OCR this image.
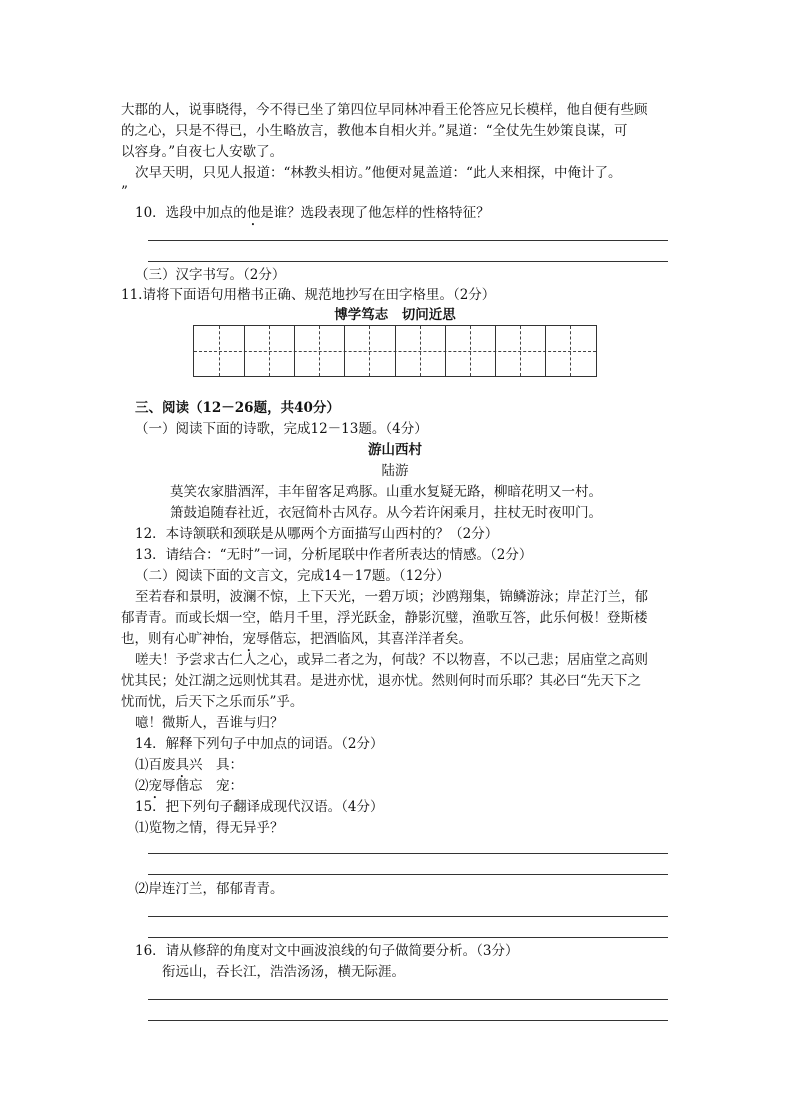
大郡的人，说事晓得，今不得已坐了第四位早同林冲看王伦答应兄长模样，他自便有些顾
的之心，只是不得已，小生略放言，教他本自相火并。”晁道：“全仗先生妙策良谋，可
以容身。”自夜七人安歇了。
次早天明，只见人报道：“林教头相访。”他便对晁盖道：“此人来相探，中俺计了。
”
10．选段中加点的他是谁？选段表现了他怎样的性格特征？
（三）汉字书写。（2分）
11.请将下面语句用楷书正确、规范地抄写在田字格里。（2分）
博学笃志　切问近思
三、阅读（12－26题，共40分）
（一）阅读下面的诗歌，完成12－13题。（4分）
游山西村
陆游
莫笑农家腊酒浑，丰年留客足鸡豚。山重水复疑无路，柳暗花明又一村。
箫鼓追随春社近，衣冠简朴古风存。从今若许闲乘月，拄杖无时夜叩门。
12．本诗颔联和颈联是从哪两个方面描写山西村的？（2分）
13．请结合：“无时”一词，分析尾联中作者所表达的情感。（2分）
（二）阅读下面的文言文，完成14－17题。（12分）
至若春和景明，波澜不惊，上下天光，一碧万顷；沙鸥翔集，锦鳞游泳；岸芷汀兰，郁
郁青青。而或长烟一空，皓月千里，浮光跃金，静影沉璧，渔歌互答，此乐何极！登斯楼
也，则有心旷神怡，宠辱偕忘，把酒临风，其喜洋洋者矣。
嗟夫！予尝求古仁人之心，或异二者之为，何哉？不以物喜，不以己悲；居庙堂之高则
忧其民；处江湖之远则忧其君。是进亦忧，退亦忧。然则何时而乐耶？其必曰“先天下之
忧而忧，后天下之乐而乐”乎。
噫！微斯人，吾谁与归？
14．解释下列句子中加点的词语。（2分）
⑴百废具兴　具：
⑵宠辱偕忘　宠：
15．把下列句子翻译成现代汉语。（4分）
⑴览物之情，得无异乎？
⑵岸连汀兰，郁郁青青。
16．请从修辞的角度对文中画波浪线的句子做简要分析。（3分）
衔远山，吞长江，浩浩汤汤，横无际涯。
